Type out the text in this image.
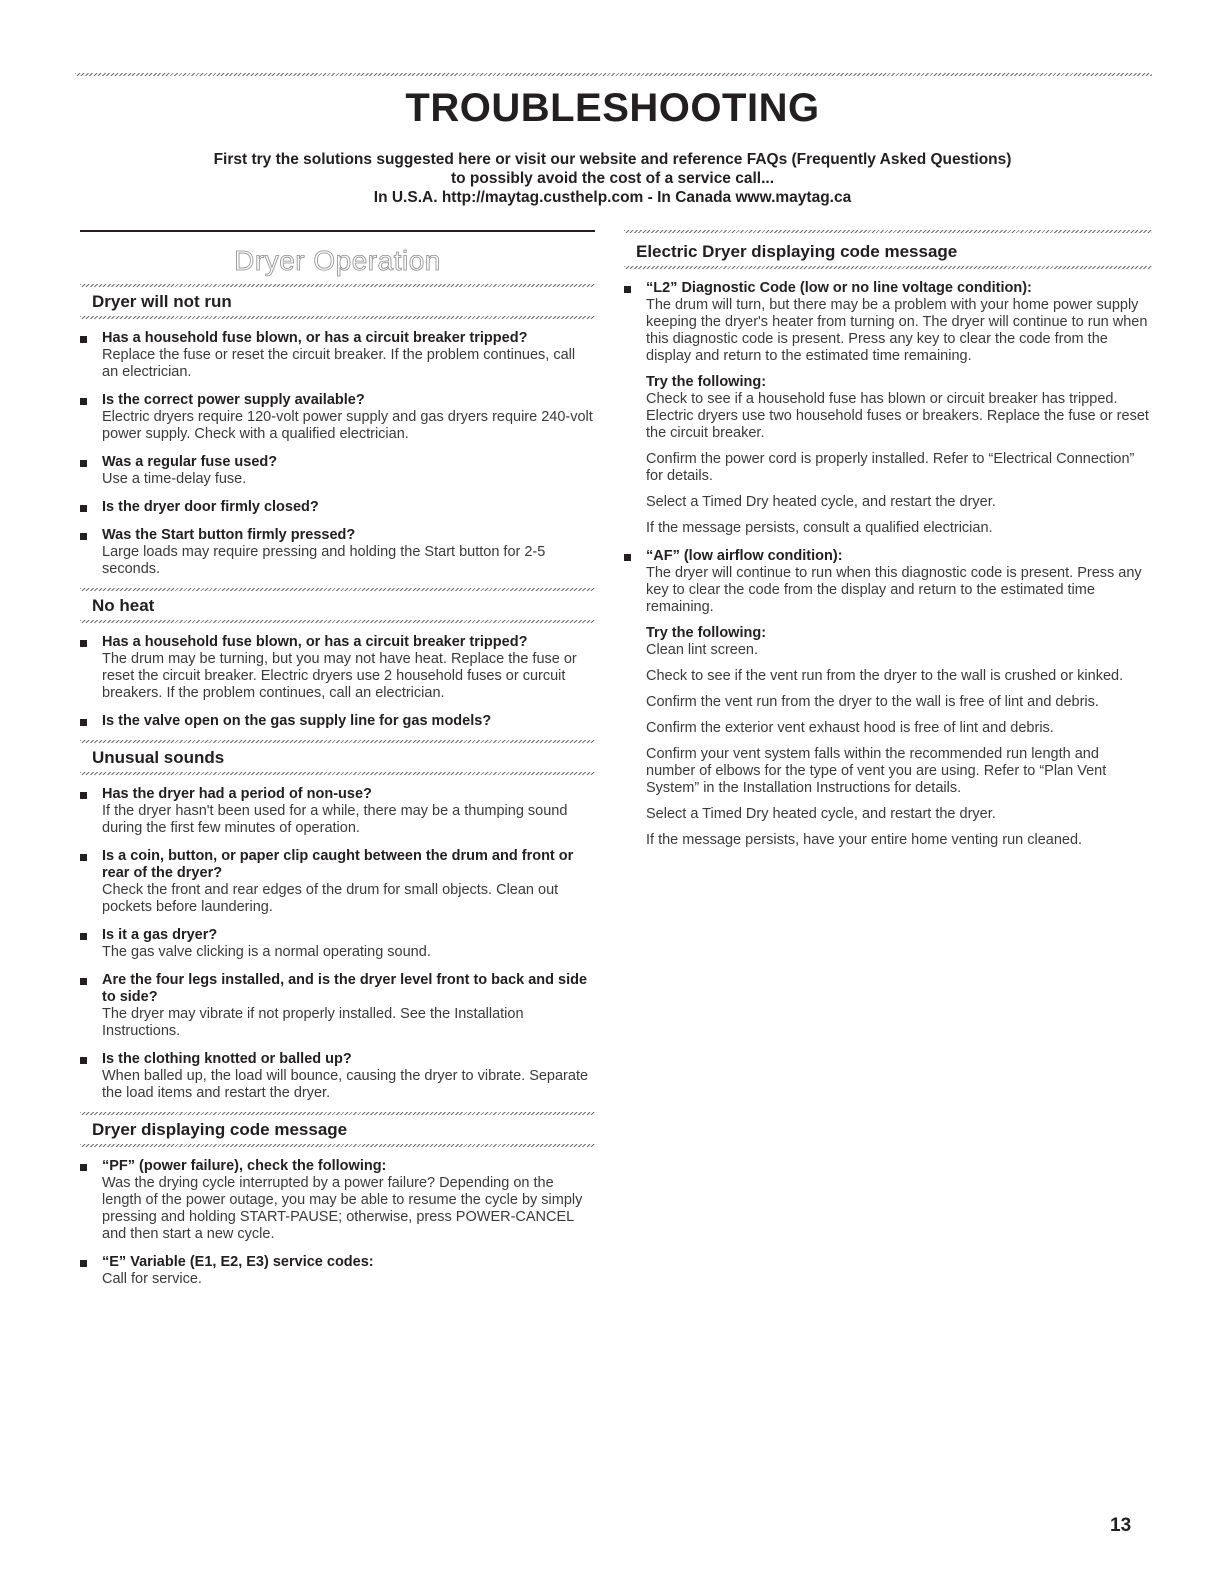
TROUBLESHOOTING
First try the solutions suggested here or visit our website and reference FAQs (Frequently Asked Questions)
to possibly avoid the cost of a service call...
In U.S.A. http://maytag.custhelp.com - In Canada www.maytag.ca
Dryer Operation
Dryer will not run
Has a household fuse blown, or has a circuit breaker tripped?
Replace the fuse or reset the circuit breaker. If the problem continues, call an electrician.
Is the correct power supply available?
Electric dryers require 120-volt power supply and gas dryers require 240-volt power supply. Check with a qualified electrician.
Was a regular fuse used?
Use a time-delay fuse.
Is the dryer door firmly closed?
Was the Start button firmly pressed?
Large loads may require pressing and holding the Start button for 2-5 seconds.
No heat
Has a household fuse blown, or has a circuit breaker tripped?
The drum may be turning, but you may not have heat. Replace the fuse or reset the circuit breaker. Electric dryers use 2 household fuses or curcuit breakers. If the problem continues, call an electrician.
Is the valve open on the gas supply line for gas models?
Unusual sounds
Has the dryer had a period of non-use?
If the dryer hasn't been used for a while, there may be a thumping sound during the first few minutes of operation.
Is a coin, button, or paper clip caught between the drum and front or rear of the dryer?
Check the front and rear edges of the drum for small objects. Clean out pockets before laundering.
Is it a gas dryer?
The gas valve clicking is a normal operating sound.
Are the four legs installed, and is the dryer level front to back and side to side?
The dryer may vibrate if not properly installed. See the Installation Instructions.
Is the clothing knotted or balled up?
When balled up, the load will bounce, causing the dryer to vibrate. Separate the load items and restart the dryer.
Dryer displaying code message
“PF” (power failure), check the following:
Was the drying cycle interrupted by a power failure? Depending on the length of the power outage, you may be able to resume the cycle by simply pressing and holding START-PAUSE; otherwise, press POWER-CANCEL and then start a new cycle.
“E” Variable (E1, E2, E3) service codes:
Call for service.
Electric Dryer displaying code message
“L2” Diagnostic Code (low or no line voltage condition):
The drum will turn, but there may be a problem with your home power supply keeping the dryer's heater from turning on. The dryer will continue to run when this diagnostic code is present. Press any key to clear the code from the display and return to the estimated time remaining.
Try the following:
Check to see if a household fuse has blown or circuit breaker has tripped. Electric dryers use two household fuses or breakers. Replace the fuse or reset the circuit breaker.
Confirm the power cord is properly installed. Refer to “Electrical Connection” for details.
Select a Timed Dry heated cycle, and restart the dryer.
If the message persists, consult a qualified electrician.
“AF” (low airflow condition):
The dryer will continue to run when this diagnostic code is present. Press any key to clear the code from the display and return to the estimated time remaining.
Try the following:
Clean lint screen.
Check to see if the vent run from the dryer to the wall is crushed or kinked.
Confirm the vent run from the dryer to the wall is free of lint and debris.
Confirm the exterior vent exhaust hood is free of lint and debris.
Confirm your vent system falls within the recommended run length and number of elbows for the type of vent you are using. Refer to “Plan Vent System” in the Installation Instructions for details.
Select a Timed Dry heated cycle, and restart the dryer.
If the message persists, have your entire home venting run cleaned.
13
